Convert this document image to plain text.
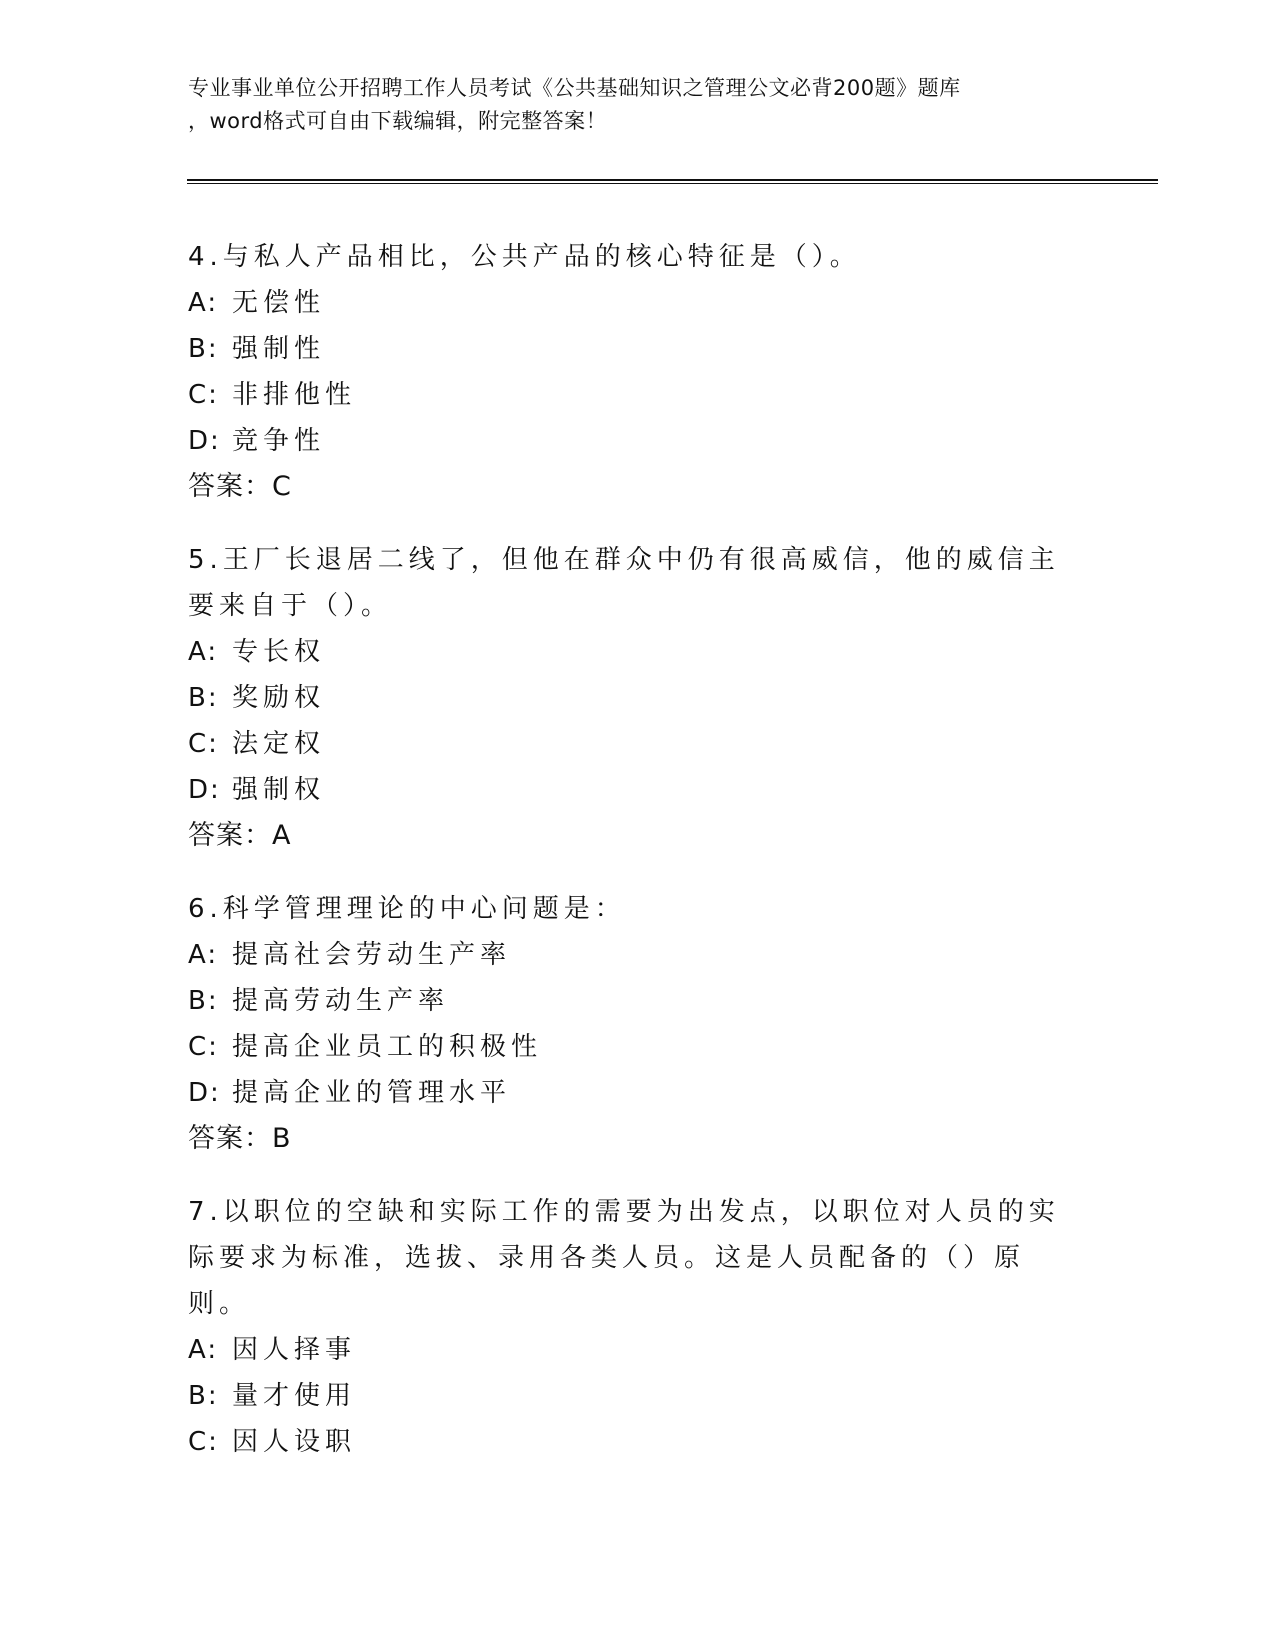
专业事业单位公开招聘工作人员考试《公共基础知识之管理公文必背200题》题库
，word格式可自由下载编辑，附完整答案！
4.与私人产品相比，公共产品的核心特征是（）。
A: 无偿性
B: 强制性
C: 非排他性
D: 竞争性
答案：C
5.王厂长退居二线了，但他在群众中仍有很高威信，他的威信主要来自于（）。
A: 专长权
B: 奖励权
C: 法定权
D: 强制权
答案：A
6.科学管理理论的中心问题是：
A: 提高社会劳动生产率
B: 提高劳动生产率
C: 提高企业员工的积极性
D: 提高企业的管理水平
答案：B
7.以职位的空缺和实际工作的需要为出发点，以职位对人员的实际要求为标准，选拔、录用各类人员。这是人员配备的（）原则。
A: 因人择事
B: 量才使用
C: 因人设职
